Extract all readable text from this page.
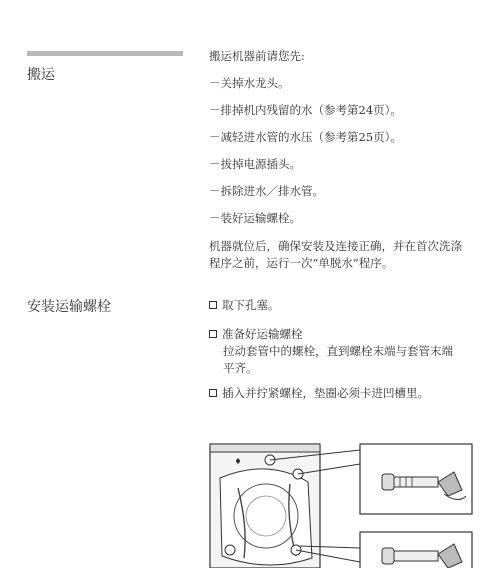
搬运
搬运机器前请您先:
－关掉水龙头。
－排掉机内残留的水（参考第24页）。
－减轻进水管的水压（参考第25页）。
－拔掉电源插头。
－拆除进水／排水管。
－装好运输螺栓。
机器就位后，确保安装及连接正确，并在首次洗涤
程序之前，运行一次“单脱水”程序。
安装运输螺栓	取下孔塞。
准备好运输螺栓
拉动套管中的螺栓，直到螺栓末端与套管末端
平齐。
插入并拧紧螺栓，垫圈必须卡进凹槽里。
